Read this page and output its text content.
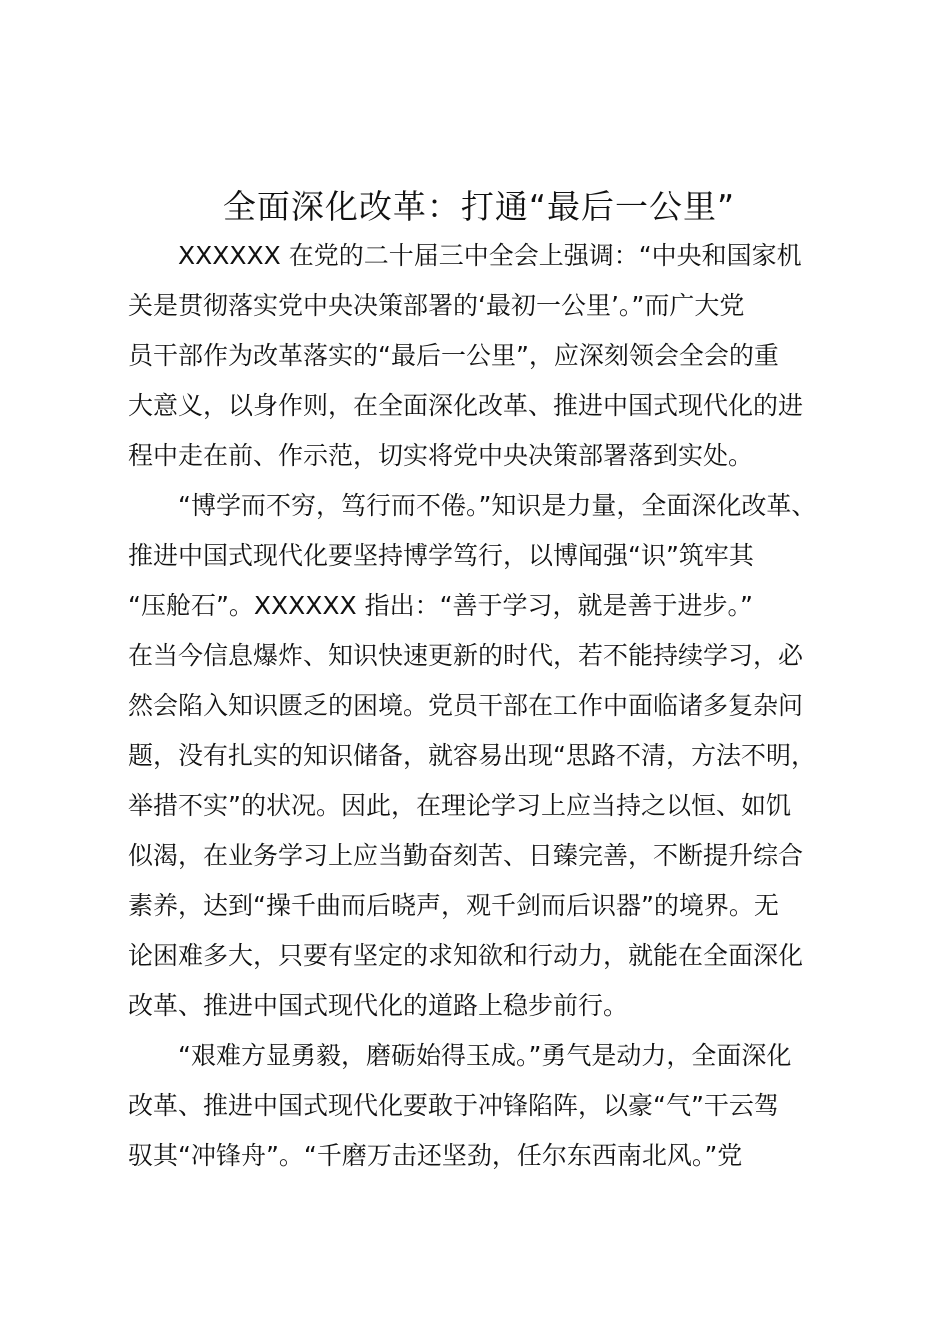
全面深化改革：打通“最后一公里”

XXXXXX 在党的二十届三中全会上强调：“中央和国家机
关是贯彻落实党中央决策部署的‘最初一公里’。”而广大党
员干部作为改革落实的“最后一公里”，应深刻领会全会的重
大意义，以身作则，在全面深化改革、推进中国式现代化的进
程中走在前、作示范，切实将党中央决策部署落到实处。

“博学而不穷，笃行而不倦。”知识是力量，全面深化改革、
推进中国式现代化要坚持博学笃行，以博闻强“识”筑牢其
“压舱石”。XXXXXX 指出：“善于学习，就是善于进步。”
在当今信息爆炸、知识快速更新的时代，若不能持续学习，必
然会陷入知识匮乏的困境。党员干部在工作中面临诸多复杂问
题，没有扎实的知识储备，就容易出现“思路不清，方法不明，
举措不实”的状况。因此，在理论学习上应当持之以恒、如饥
似渴，在业务学习上应当勤奋刻苦、日臻完善，不断提升综合
素养，达到“操千曲而后晓声，观千剑而后识器”的境界。无
论困难多大，只要有坚定的求知欲和行动力，就能在全面深化
改革、推进中国式现代化的道路上稳步前行。

“艰难方显勇毅，磨砺始得玉成。”勇气是动力，全面深化
改革、推进中国式现代化要敢于冲锋陷阵，以豪“气”干云驾
驭其“冲锋舟”。“千磨万击还坚劲，任尔东西南北风。”党
